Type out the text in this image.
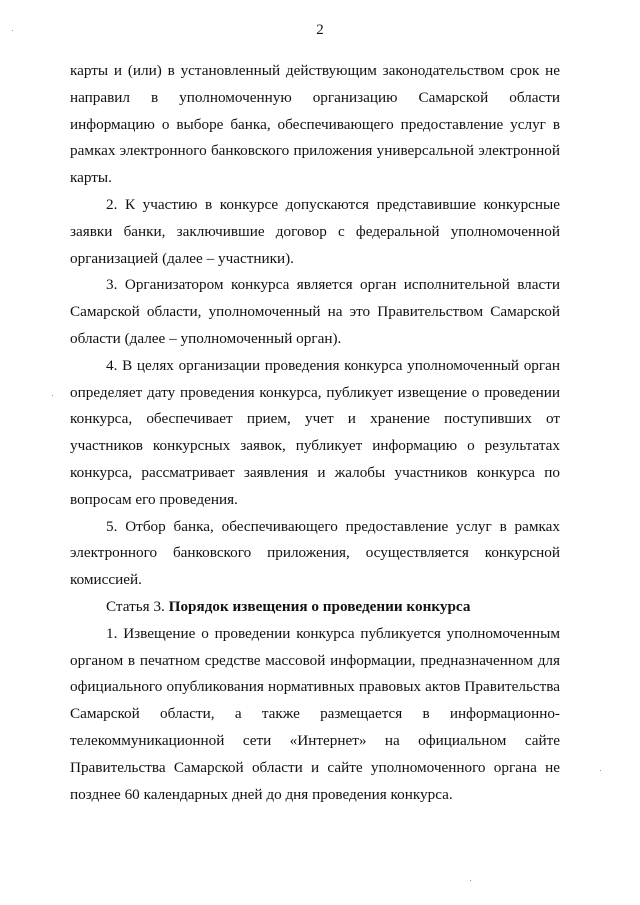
2

карты и (или) в установленный действующим законодательством срок не направил в уполномоченную организацию Самарской области информацию о выборе банка, обеспечивающего предоставление услуг в рамках электронного банковского приложения универсальной электронной карты.

2. К участию в конкурсе допускаются представившие конкурсные заявки банки, заключившие договор с федеральной уполномоченной организацией (далее – участники).

3. Организатором конкурса является орган исполнительной власти Самарской области, уполномоченный на это Правительством Самарской области (далее – уполномоченный орган).

4. В целях организации проведения конкурса уполномоченный орган определяет дату проведения конкурса, публикует извещение о проведении конкурса, обеспечивает прием, учет и хранение поступивших от участников конкурсных заявок, публикует информацию о результатах конкурса, рассматривает заявления и жалобы участников конкурса по вопросам его проведения.

5. Отбор банка, обеспечивающего предоставление услуг в рамках электронного банковского приложения, осуществляется конкурсной комиссией.

Статья 3. Порядок извещения о проведении конкурса

1. Извещение о проведении конкурса публикуется уполномоченным органом в печатном средстве массовой информации, предназначенном для официального опубликования нормативных правовых актов Правительства Самарской области, а также размещается в информационно-телекоммуникационной сети «Интернет» на официальном сайте Правительства Самарской области и сайте уполномоченного органа не позднее 60 календарных дней до дня проведения конкурса.
